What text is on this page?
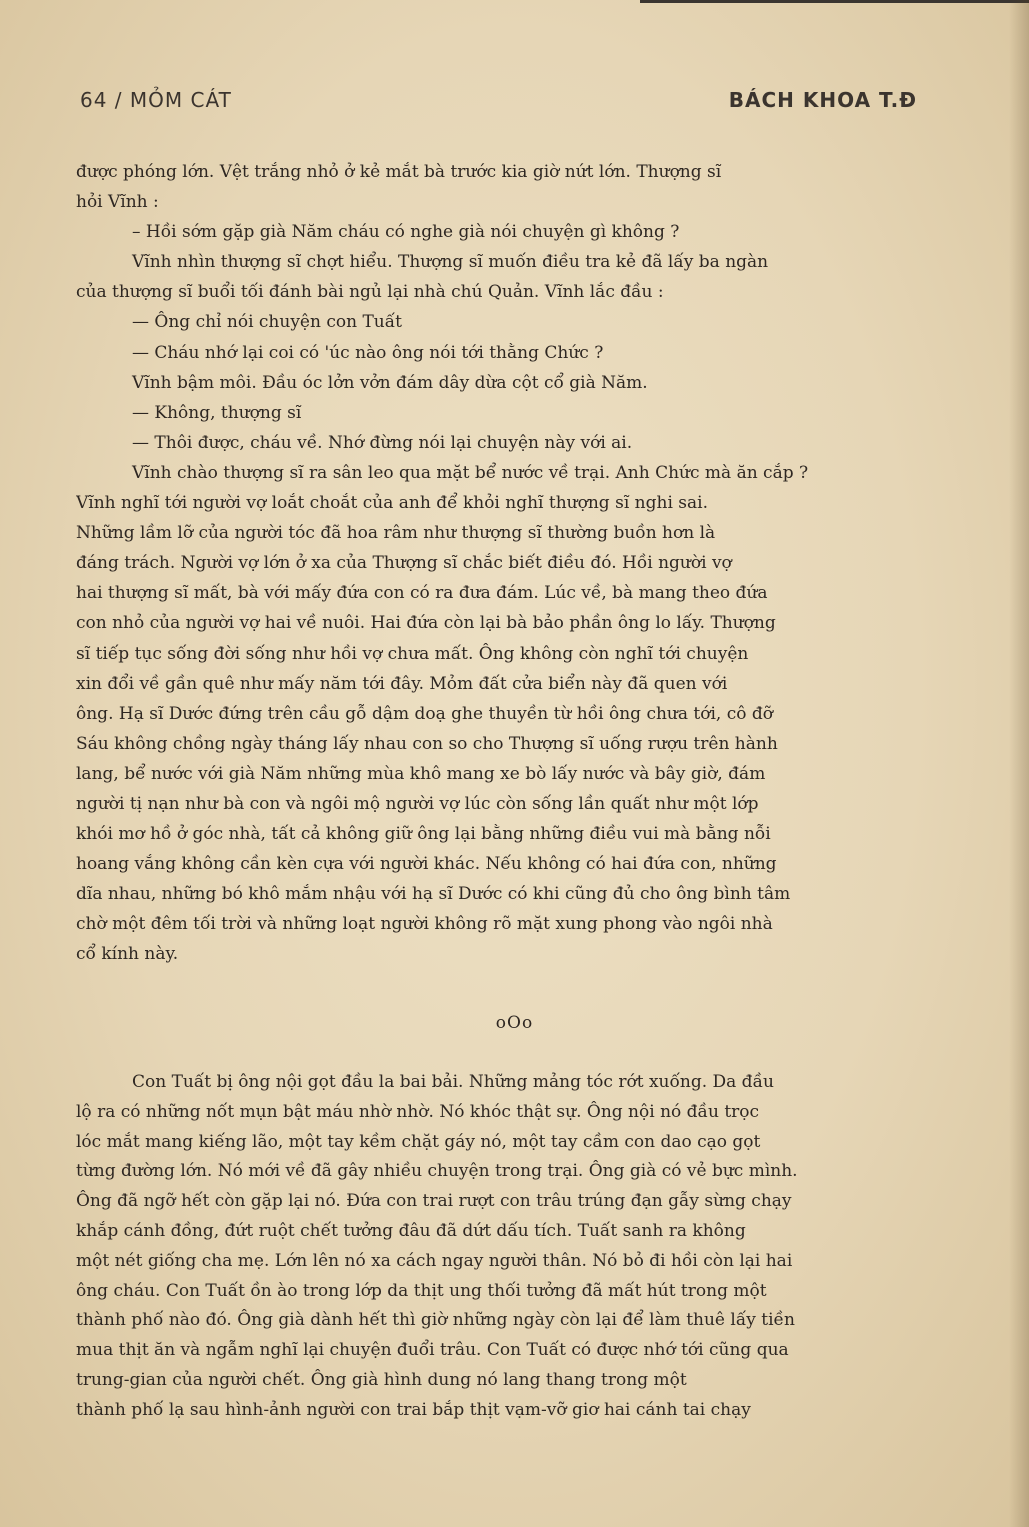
64 / MỎM CÁT	BÁCH KHOA T.Đ

được phóng lớn. Vệt trắng nhỏ ở kẻ mắt bà trước kia giờ nứt lớn. Thượng sĩ

hỏi Vĩnh :

– Hồi sớm gặp già Năm cháu có nghe già nói chuyện gì không ?

Vĩnh nhìn thượng sĩ chợt hiểu. Thượng sĩ muốn điều tra kẻ đã lấy ba ngàn

của thượng sĩ buổi tối đánh bài ngủ lại nhà chú Quản. Vĩnh lắc đầu :

— Ông chỉ nói chuyện con Tuất

— Cháu nhớ lại coi có 'úc nào ông nói tới thằng Chức ?

Vĩnh bậm môi. Đầu óc lởn vởn đám dây dừa cột cổ già Năm.

— Không, thượng sĩ

— Thôi được, cháu về. Nhớ đừng nói lại chuyện này với ai.

Vĩnh chào thượng sĩ ra sân leo qua mặt bể nước về trại. Anh Chức mà ăn cắp ?

Vĩnh nghĩ tới người vợ loắt choắt của anh để khỏi nghĩ thượng sĩ nghi sai.

Những lầm lỡ của người tóc đã hoa râm như thượng sĩ thường buồn hơn là

đáng trách. Người vợ lớn ở xa của Thượng sĩ chắc biết điều đó. Hồi người vợ

hai thượng sĩ mất, bà với mấy đứa con có ra đưa đám. Lúc về, bà mang theo đứa

con nhỏ của người vợ hai về nuôi. Hai đứa còn lại bà bảo phần ông lo lấy. Thượng

sĩ tiếp tục sống đời sống như hồi vợ chưa mất. Ông không còn nghĩ tới chuyện

xin đổi về gần quê như mấy năm tới đây. Mỏm đất cửa biển này đã quen với

ông. Hạ sĩ Dước đứng trên cầu gỗ dậm doạ ghe thuyền từ hồi ông chưa tới, cô đỡ

Sáu không chồng ngày tháng lấy nhau con so cho Thượng sĩ uống rượu trên hành

lang, bể nước với già Năm những mùa khô mang xe bò lấy nước và bây giờ, đám

người tị nạn như bà con và ngôi mộ người vợ lúc còn sống lần quất như một lớp

khói mơ hồ ở góc nhà, tất cả không giữ ông lại bằng những điều vui mà bằng nỗi

hoang vắng không cần kèn cựa với người khác. Nếu không có hai đứa con, những

dĩa nhau, những bó khô mắm nhậu với hạ sĩ Dước có khi cũng đủ cho ông bình tâm

chờ một đêm tối trời và những loạt người không rõ mặt xung phong vào ngôi nhà

cổ kính này.

oOo

Con Tuất bị ông nội gọt đầu la bai bải. Những mảng tóc rớt xuống. Da đầu

lộ ra có những nốt mụn bật máu nhờ nhờ. Nó khóc thật sự. Ông nội nó đầu trọc

lóc mắt mang kiếng lão, một tay kềm chặt gáy nó, một tay cầm con dao cạo gọt

từng đường lớn. Nó mới về đã gây nhiều chuyện trong trại. Ông già có vẻ bực mình.

Ông đã ngỡ hết còn gặp lại nó. Đứa con trai rượt con trâu trúng đạn gẫy sừng chạy

khắp cánh đồng, đứt ruột chết tưởng đâu đã dứt dấu tích. Tuất sanh ra không

một nét giống cha mẹ. Lớn lên nó xa cách ngay người thân. Nó bỏ đi hồi còn lại hai

ông cháu. Con Tuất ồn ào trong lớp da thịt ung thối tưởng đã mất hút trong một

thành phố nào đó. Ông già dành hết thì giờ những ngày còn lại để làm thuê lấy tiền

mua thịt ăn và ngẫm nghĩ lại chuyện đuổi trâu. Con Tuất có được nhớ tới cũng qua

trung-gian của người chết. Ông già hình dung nó lang thang trong một

thành phố lạ sau hình-ảnh người con trai bắp thịt vạm-vỡ giơ hai cánh tai chạy
